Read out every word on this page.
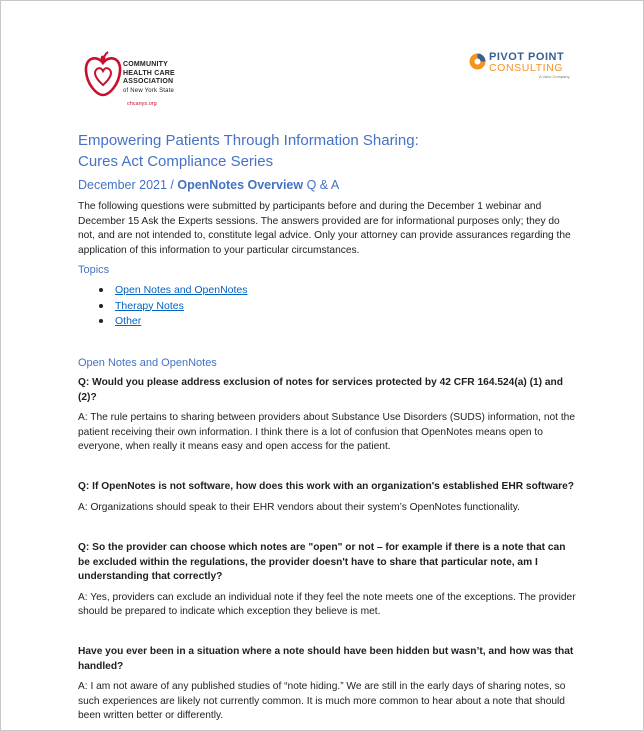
COMMUNITY
HEALTH CARE
ASSOCIATION
of New York State
chcanys.org
PIVOT POINT
CONSULTING
A Vaco Company
Empowering Patients Through Information Sharing:
Cures Act Compliance Series
December 2021 / OpenNotes Overview Q & A
The following questions were submitted by participants before and during the December 1 webinar and December 15 Ask the Experts sessions. The answers provided are for informational purposes only; they do not, and are not intended to, constitute legal advice. Only your attorney can provide assurances regarding the application of this information to your particular circumstances.
Topics
Open Notes and OpenNotes
Therapy Notes
Other
Open Notes and OpenNotes

Q: Would you please address exclusion of notes for services protected by 42 CFR 164.524(a) (1) and (2)?

A: The rule pertains to sharing between providers about Substance Use Disorders (SUDS) information, not the patient receiving their own information. I think there is a lot of confusion that OpenNotes means open to everyone, when really it means easy and open access for the patient.

Q: If OpenNotes is not software, how does this work with an organization's established EHR software?

A: Organizations should speak to their EHR vendors about their system’s OpenNotes functionality.

Q: So the provider can choose which notes are "open" or not – for example if there is a note that can be excluded within the regulations, the provider doesn't have to share that particular note, am I understanding that correctly?

A: Yes, providers can exclude an individual note if they feel the note meets one of the exceptions. The provider should be prepared to indicate which exception they believe is met.

Have you ever been in a situation where a note should have been hidden but wasn’t, and how was that handled?

A: I am not aware of any published studies of “note hiding.” We are still in the early days of sharing notes, so such experiences are likely not currently common. It is much more common to hear about a note that should been written better or differently.
